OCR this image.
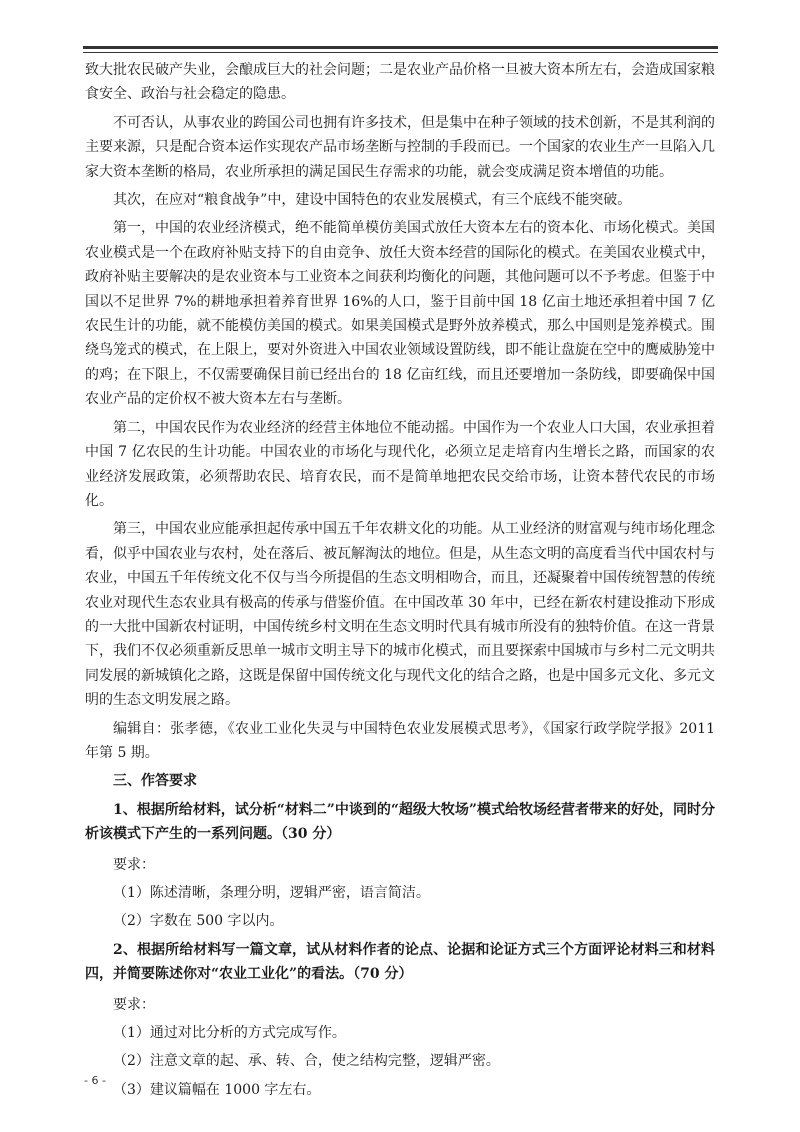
致大批农民破产失业，会酿成巨大的社会问题；二是农业产品价格一旦被大资本所左右，会造成国家粮食安全、政治与社会稳定的隐患。

不可否认，从事农业的跨国公司也拥有许多技术，但是集中在种子领域的技术创新，不是其利润的主要来源，只是配合资本运作实现农产品市场垄断与控制的手段而已。一个国家的农业生产一旦陷入几家大资本垄断的格局，农业所承担的满足国民生存需求的功能，就会变成满足资本增值的功能。

其次，在应对“粮食战争”中，建设中国特色的农业发展模式，有三个底线不能突破。

第一，中国的农业经济模式，绝不能简单模仿美国式放任大资本左右的资本化、市场化模式。美国农业模式是一个在政府补贴支持下的自由竞争、放任大资本经营的国际化的模式。在美国农业模式中，政府补贴主要解决的是农业资本与工业资本之间获利均衡化的问题，其他问题可以不予考虑。但鉴于中国以不足世界 7%的耕地承担着养育世界 16%的人口，鉴于目前中国 18 亿亩土地还承担着中国 7 亿农民生计的功能，就不能模仿美国的模式。如果美国模式是野外放养模式，那么中国则是笼养模式。围绕鸟笼式的模式，在上限上，要对外资进入中国农业领域设置防线，即不能让盘旋在空中的鹰威胁笼中的鸡；在下限上，不仅需要确保目前已经出台的 18 亿亩红线，而且还要增加一条防线，即要确保中国农业产品的定价权不被大资本左右与垄断。

第二，中国农民作为农业经济的经营主体地位不能动摇。中国作为一个农业人口大国，农业承担着中国 7 亿农民的生计功能。中国农业的市场化与现代化，必须立足走培育内生增长之路，而国家的农业经济发展政策，必须帮助农民、培育农民，而不是简单地把农民交给市场，让资本替代农民的市场化。

第三，中国农业应能承担起传承中国五千年农耕文化的功能。从工业经济的财富观与纯市场化理念看，似乎中国农业与农村，处在落后、被瓦解淘汰的地位。但是，从生态文明的高度看当代中国农村与农业，中国五千年传统文化不仅与当今所提倡的生态文明相吻合，而且，还凝聚着中国传统智慧的传统农业对现代生态农业具有极高的传承与借鉴价值。在中国改革 30 年中，已经在新农村建设推动下形成的一大批中国新农村证明，中国传统乡村文明在生态文明时代具有城市所没有的独特价值。在这一背景下，我们不仅必须重新反思单一城市文明主导下的城市化模式，而且要探索中国城市与乡村二元文明共同发展的新城镇化之路，这既是保留中国传统文化与现代文化的结合之路，也是中国多元文化、多元文明的生态文明发展之路。

编辑自：张孝德，《农业工业化失灵与中国特色农业发展模式思考》，《国家行政学院学报》2011 年第 5 期。

三、作答要求

1、根据所给材料，试分析“材料二”中谈到的“超级大牧场”模式给牧场经营者带来的好处，同时分析该模式下产生的一系列问题。（30 分）

要求：

（1）陈述清晰，条理分明，逻辑严密，语言简洁。

（2）字数在 500 字以内。

2、根据所给材料写一篇文章，试从材料作者的论点、论据和论证方式三个方面评论材料三和材料四，并简要陈述你对“农业工业化”的看法。（70 分）

要求：

（1）通过对比分析的方式完成写作。

（2）注意文章的起、承、转、合，使之结构完整，逻辑严密。

（3）建议篇幅在 1000 字左右。

- 6 -
